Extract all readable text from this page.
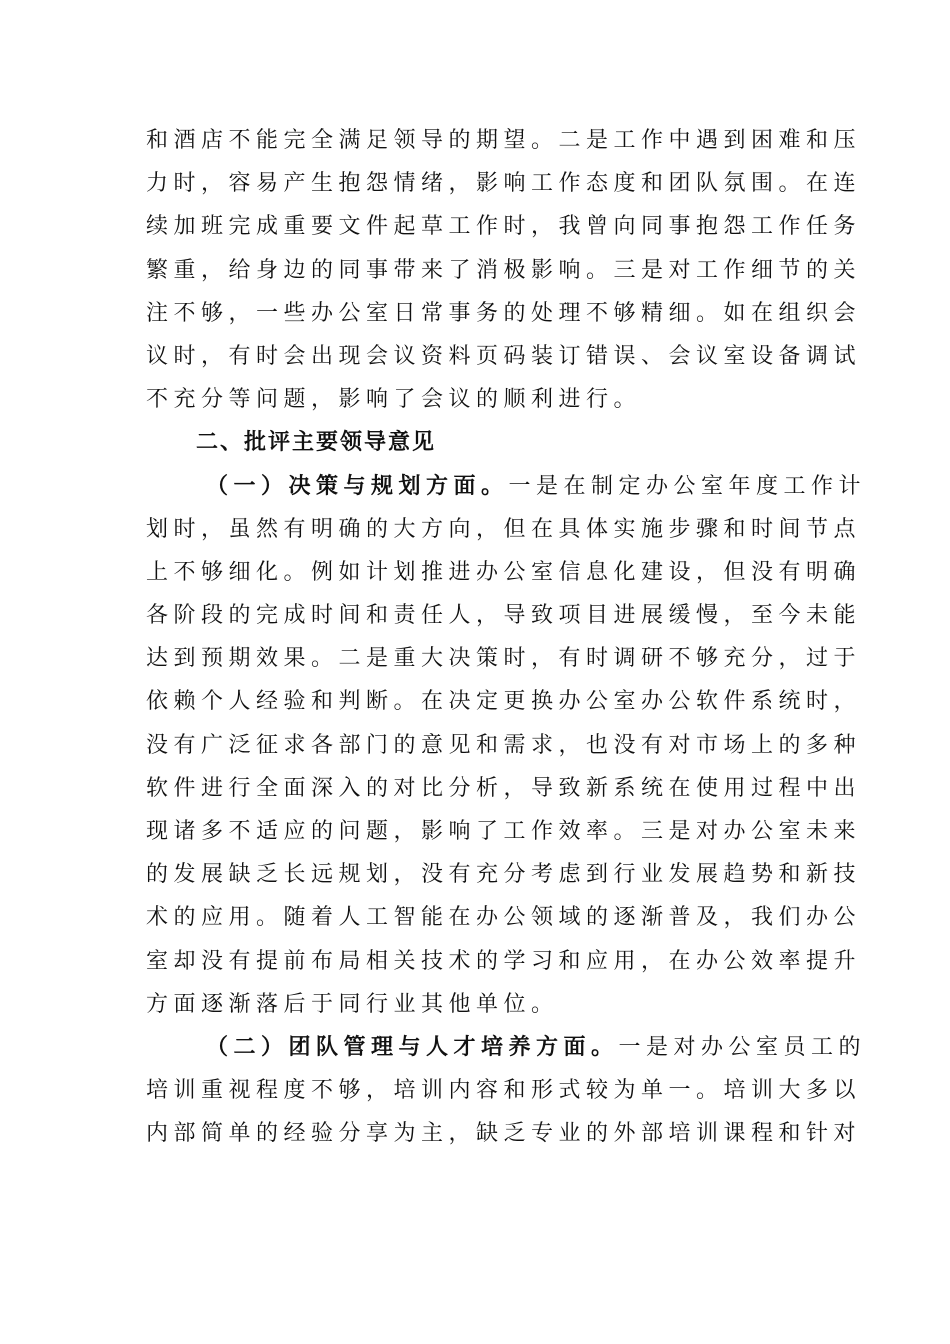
和酒店不能完全满足领导的期望。二是工作中遇到困难和压
力时，容易产生抱怨情绪，影响工作态度和团队氛围。在连
续加班完成重要文件起草工作时，我曾向同事抱怨工作任务
繁重，给身边的同事带来了消极影响。三是对工作细节的关
注不够，一些办公室日常事务的处理不够精细。如在组织会
议时，有时会出现会议资料页码装订错误、会议室设备调试
不充分等问题，影响了会议的顺利进行。
二、批评主要领导意见
（一）决策与规划方面。一是在制定办公室年度工作计
划时，虽然有明确的大方向，但在具体实施步骤和时间节点
上不够细化。例如计划推进办公室信息化建设，但没有明确
各阶段的完成时间和责任人，导致项目进展缓慢，至今未能
达到预期效果。二是重大决策时，有时调研不够充分，过于
依赖个人经验和判断。在决定更换办公室办公软件系统时，
没有广泛征求各部门的意见和需求，也没有对市场上的多种
软件进行全面深入的对比分析，导致新系统在使用过程中出
现诸多不适应的问题，影响了工作效率。三是对办公室未来
的发展缺乏长远规划，没有充分考虑到行业发展趋势和新技
术的应用。随着人工智能在办公领域的逐渐普及，我们办公
室却没有提前布局相关技术的学习和应用，在办公效率提升
方面逐渐落后于同行业其他单位。
（二）团队管理与人才培养方面。一是对办公室员工的
培训重视程度不够，培训内容和形式较为单一。培训大多以
内部简单的经验分享为主，缺乏专业的外部培训课程和针对
